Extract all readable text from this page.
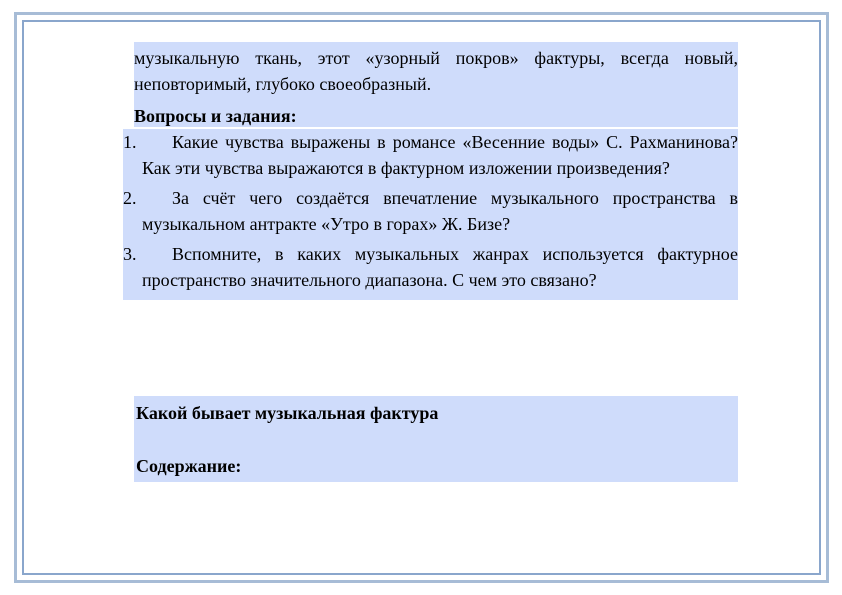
музыкальную ткань, этот «узорный покров» фактуры, всегда новый, неповторимый, глубоко своеобразный.

Вопросы и задания:

1.	Какие чувства выражены в романсе «Весенние воды» С. Рахманинова? Как эти чувства выражаются в фактурном изложении произведения?
2.	За счёт чего создаётся впечатление музыкального пространства в музыкальном антракте «Утро в горах» Ж. Бизе?
3.	Вспомните, в каких музыкальных жанрах используется фактурное пространство значительного диапазона. С чем это связано?
Какой бывает музыкальная фактура
Содержание:
